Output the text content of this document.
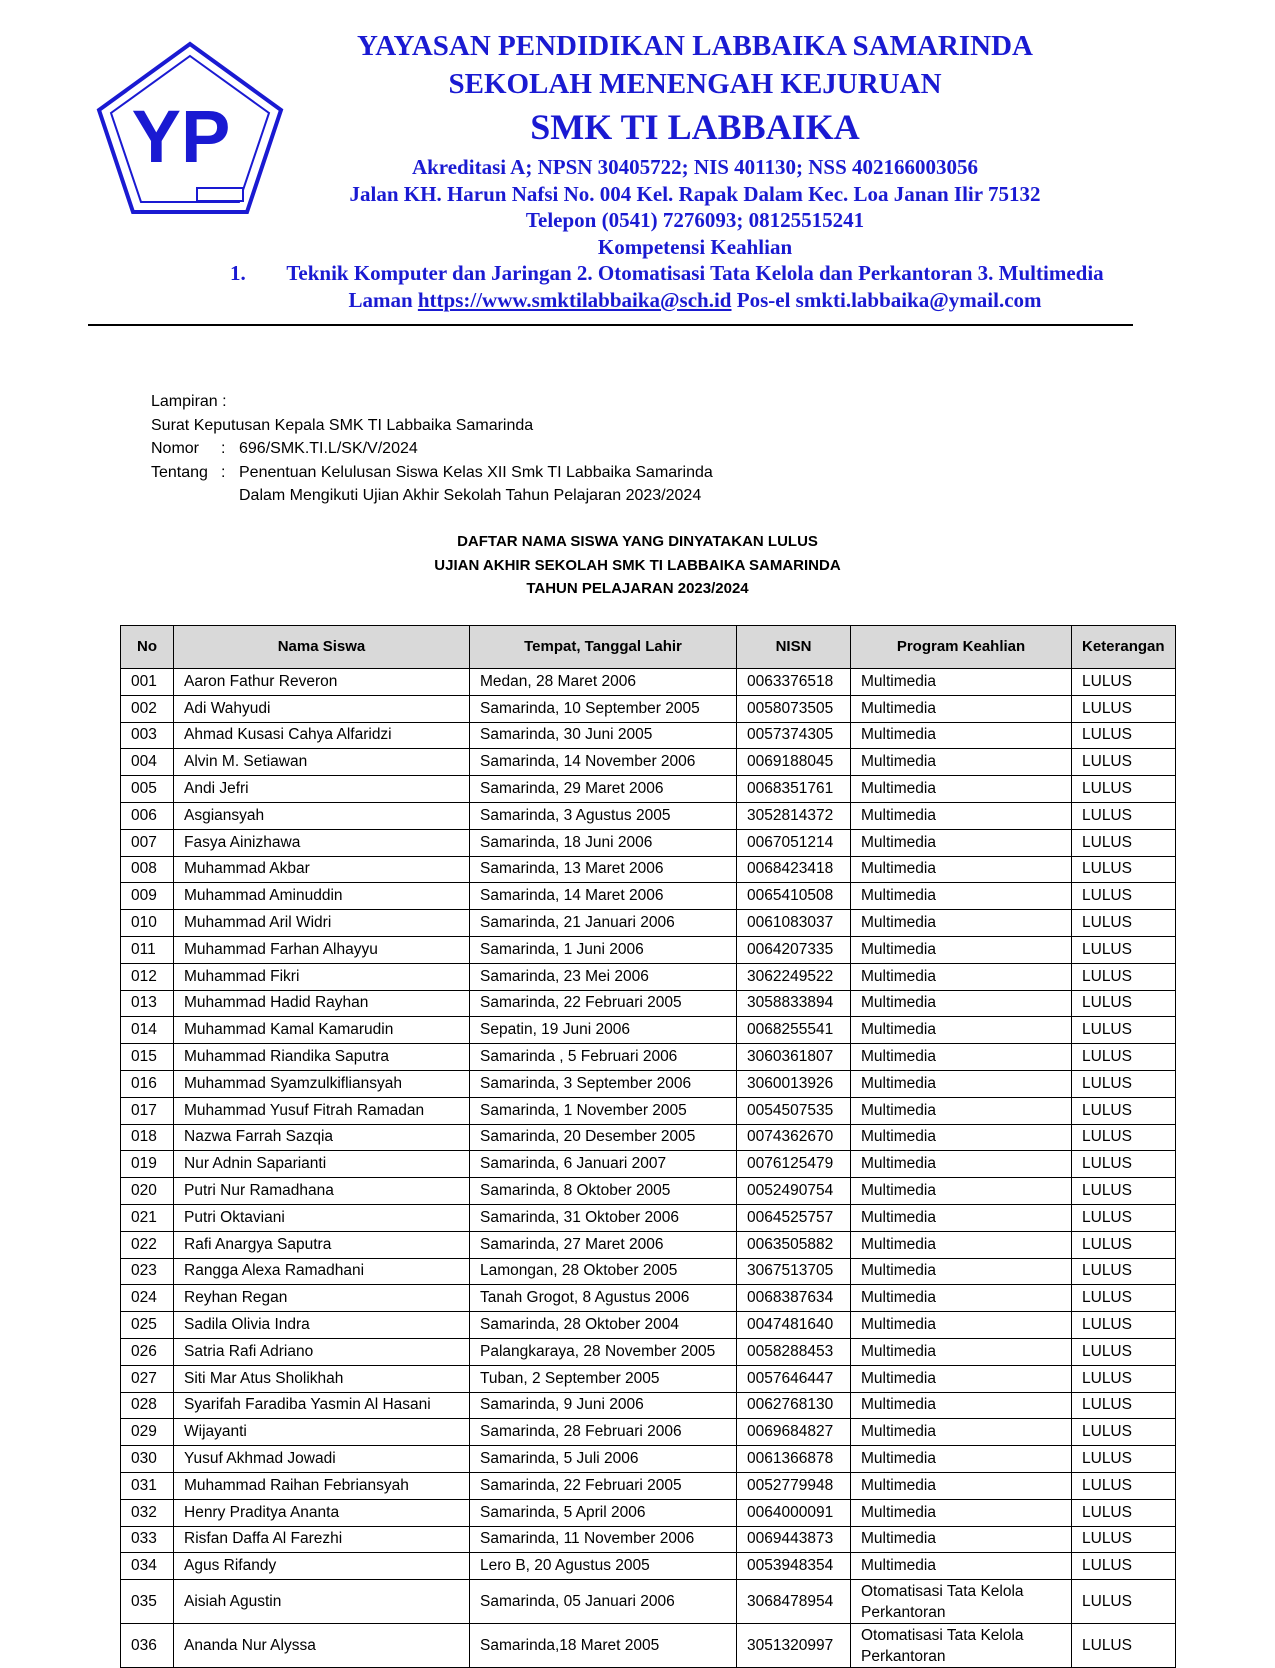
YP
YAYASAN PENDIDIKAN LABBAIKA SAMARINDA
SEKOLAH MENENGAH KEJURUAN
SMK TI LABBAIKA
Akreditasi A; NPSN 30405722; NIS 401130; NSS 402166003056
Jalan KH. Harun Nafsi No. 004 Kel. Rapak Dalam Kec. Loa Janan Ilir 75132
Telepon (0541) 7276093; 08125515241
Kompetensi Keahlian
1. Teknik Komputer dan Jaringan 2. Otomatisasi Tata Kelola dan Perkantoran 3. Multimedia
Laman https://www.smktilabbaika@sch.id Pos-el smkti.labbaika@ymail.com
Lampiran :
Surat Keputusan Kepala SMK TI Labbaika Samarinda
Nomor	: 696/SMK.TI.L/SK/V/2024
Tentang : Penentuan Kelulusan Siswa Kelas XII Smk TI Labbaika Samarinda
Dalam Mengikuti Ujian Akhir Sekolah Tahun Pelajaran 2023/2024
DAFTAR NAMA SISWA YANG DINYATAKAN LULUS
UJIAN AKHIR SEKOLAH SMK TI LABBAIKA SAMARINDA
TAHUN PELAJARAN 2023/2024
No	Nama Siswa	Tempat, Tanggal Lahir	NISN	Program Keahlian	Keterangan
001	Aaron Fathur Reveron	Medan, 28 Maret 2006	0063376518	Multimedia	LULUS
002	Adi Wahyudi	Samarinda, 10 September 2005	0058073505	Multimedia	LULUS
003	Ahmad Kusasi Cahya Alfaridzi	Samarinda, 30 Juni 2005	0057374305	Multimedia	LULUS
004	Alvin M. Setiawan	Samarinda, 14 November 2006	0069188045	Multimedia	LULUS
005	Andi Jefri	Samarinda, 29 Maret 2006	0068351761	Multimedia	LULUS
006	Asgiansyah	Samarinda, 3 Agustus 2005	3052814372	Multimedia	LULUS
007	Fasya Ainizhawa	Samarinda, 18 Juni 2006	0067051214	Multimedia	LULUS
008	Muhammad Akbar	Samarinda, 13 Maret 2006	0068423418	Multimedia	LULUS
009	Muhammad Aminuddin	Samarinda, 14 Maret 2006	0065410508	Multimedia	LULUS
010	Muhammad Aril Widri	Samarinda, 21 Januari 2006	0061083037	Multimedia	LULUS
011	Muhammad Farhan Alhayyu	Samarinda, 1 Juni 2006	0064207335	Multimedia	LULUS
012	Muhammad Fikri	Samarinda, 23 Mei 2006	3062249522	Multimedia	LULUS
013	Muhammad Hadid Rayhan	Samarinda, 22 Februari 2005	3058833894	Multimedia	LULUS
014	Muhammad Kamal Kamarudin	Sepatin, 19 Juni 2006	0068255541	Multimedia	LULUS
015	Muhammad Riandika Saputra	Samarinda , 5 Februari 2006	3060361807	Multimedia	LULUS
016	Muhammad Syamzulkifliansyah	Samarinda, 3 September 2006	3060013926	Multimedia	LULUS
017	Muhammad Yusuf Fitrah Ramadan	Samarinda, 1 November 2005	0054507535	Multimedia	LULUS
018	Nazwa Farrah Sazqia	Samarinda, 20 Desember 2005	0074362670	Multimedia	LULUS
019	Nur Adnin Saparianti	Samarinda, 6 Januari 2007	0076125479	Multimedia	LULUS
020	Putri Nur Ramadhana	Samarinda, 8 Oktober 2005	0052490754	Multimedia	LULUS
021	Putri Oktaviani	Samarinda, 31 Oktober 2006	0064525757	Multimedia	LULUS
022	Rafi Anargya Saputra	Samarinda, 27 Maret 2006	0063505882	Multimedia	LULUS
023	Rangga Alexa Ramadhani	Lamongan, 28 Oktober 2005	3067513705	Multimedia	LULUS
024	Reyhan Regan	Tanah Grogot, 8 Agustus 2006	0068387634	Multimedia	LULUS
025	Sadila Olivia Indra	Samarinda, 28 Oktober 2004	0047481640	Multimedia	LULUS
026	Satria Rafi Adriano	Palangkaraya, 28 November 2005	0058288453	Multimedia	LULUS
027	Siti Mar Atus Sholikhah	Tuban, 2 September 2005	0057646447	Multimedia	LULUS
028	Syarifah Faradiba Yasmin Al Hasani	Samarinda, 9 Juni 2006	0062768130	Multimedia	LULUS
029	Wijayanti	Samarinda, 28 Februari 2006	0069684827	Multimedia	LULUS
030	Yusuf Akhmad Jowadi	Samarinda, 5 Juli 2006	0061366878	Multimedia	LULUS
031	Muhammad Raihan Febriansyah	Samarinda, 22 Februari 2005	0052779948	Multimedia	LULUS
032	Henry Praditya Ananta	Samarinda, 5 April 2006	0064000091	Multimedia	LULUS
033	Risfan Daffa Al Farezhi	Samarinda, 11 November 2006	0069443873	Multimedia	LULUS
034	Agus Rifandy	Lero B, 20 Agustus 2005	0053948354	Multimedia	LULUS
035	Aisiah Agustin	Samarinda, 05 Januari 2006	3068478954	Otomatisasi Tata Kelola Perkantoran	LULUS
036	Ananda Nur Alyssa	Samarinda,18 Maret 2005	3051320997	Otomatisasi Tata Kelola Perkantoran	LULUS
